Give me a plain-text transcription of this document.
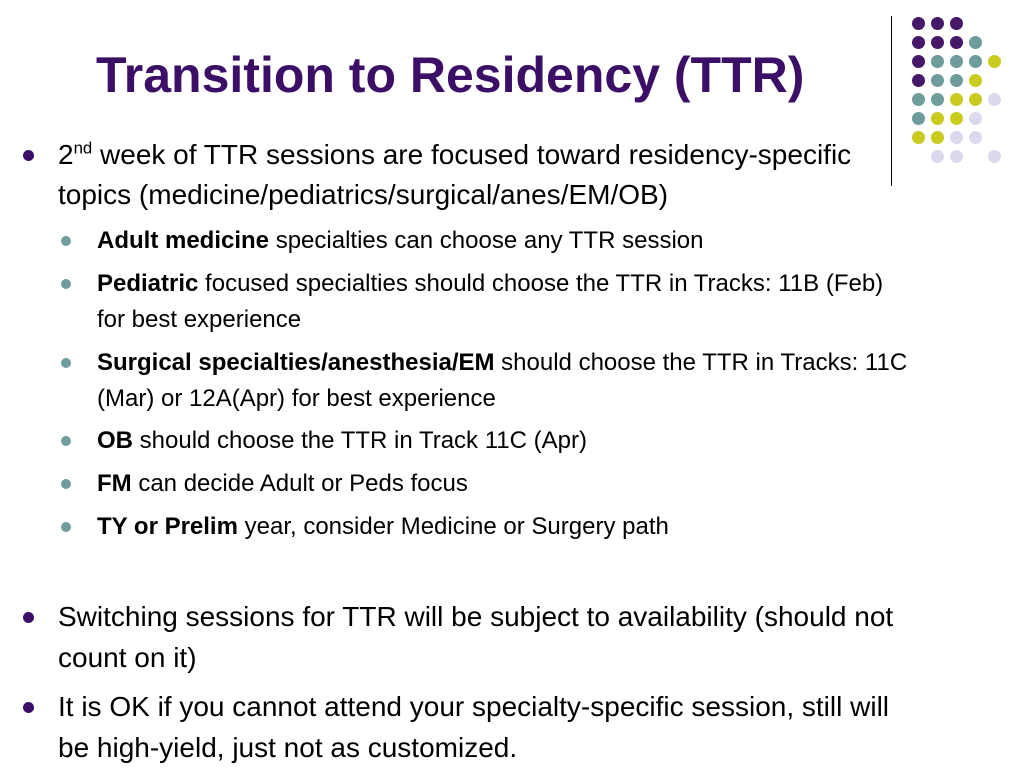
Transition to Residency (TTR)
2nd week of TTR sessions are focused toward residency-specific
topics (medicine/pediatrics/surgical/anes/EM/OB)
Adult medicine specialties can choose any TTR session
Pediatric focused specialties should choose the TTR in Tracks: 11B (Feb)
for best experience
Surgical specialties/anesthesia/EM should choose the TTR in Tracks: 11C
(Mar) or 12A(Apr) for best experience
OB should choose the TTR in Track 11C (Apr)
FM can decide Adult or Peds focus
TY or Prelim year, consider Medicine or Surgery path
Switching sessions for TTR will be subject to availability (should not
count on it)
It is OK if you cannot attend your specialty-specific session, still will
be high-yield, just not as customized.
